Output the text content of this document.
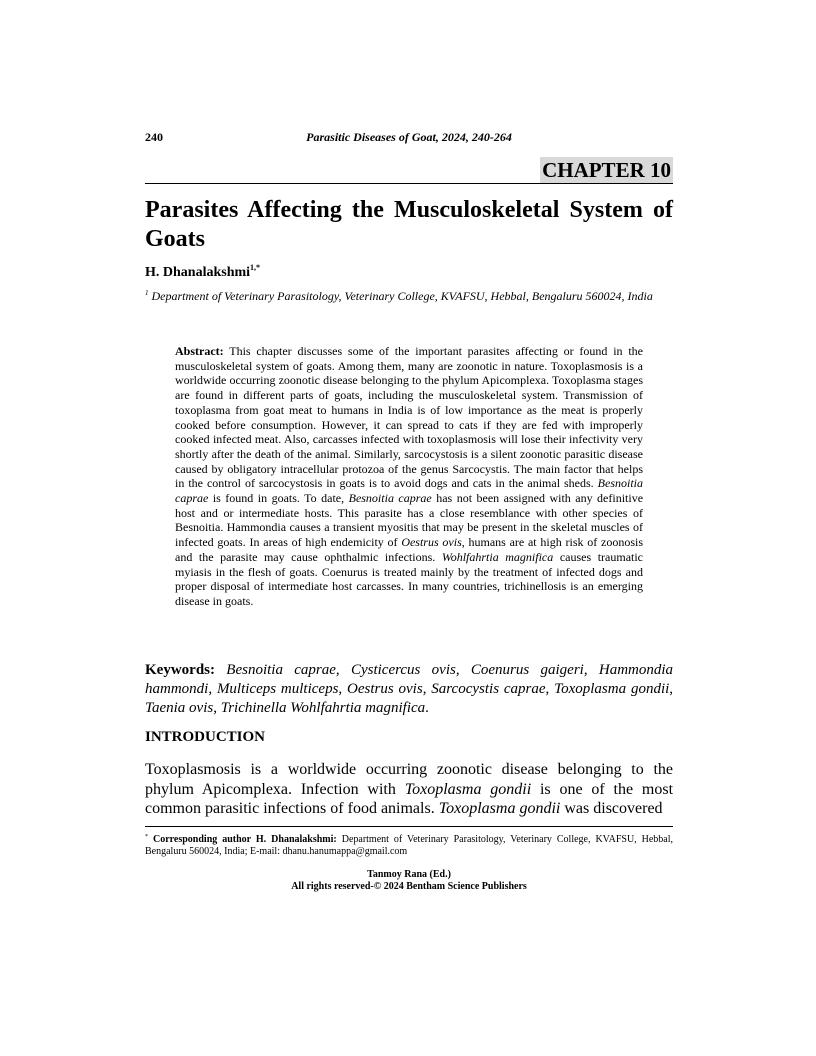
240	Parasitic Diseases of Goat, 2024, 240-264
CHAPTER 10
Parasites Affecting the Musculoskeletal System of Goats
H. Dhanalakshmi$^{1,*}$
$^1$ Department of Veterinary Parasitology, Veterinary College, KVAFSU, Hebbal, Bengaluru 560024, India
Abstract: This chapter discusses some of the important parasites affecting or found in the musculoskeletal system of goats. Among them, many are zoonotic in nature. Toxoplasmosis is a worldwide occurring zoonotic disease belonging to the phylum Apicomplexa. Toxoplasma stages are found in different parts of goats, including the musculoskeletal system. Transmission of toxoplasma from goat meat to humans in India is of low importance as the meat is properly cooked before consumption. However, it can spread to cats if they are fed with improperly cooked infected meat. Also, carcasses infected with toxoplasmosis will lose their infectivity very shortly after the death of the animal. Similarly, sarcocystosis is a silent zoonotic parasitic disease caused by obligatory intracellular protozoa of the genus Sarcocystis. The main factor that helps in the control of sarcocystosis in goats is to avoid dogs and cats in the animal sheds. Besnoitia caprae is found in goats. To date, Besnoitia caprae has not been assigned with any definitive host and or intermediate hosts. This parasite has a close resemblance with other species of Besnoitia. Hammondia causes a transient myositis that may be present in the skeletal muscles of infected goats. In areas of high endemicity of Oestrus ovis, humans are at high risk of zoonosis and the parasite may cause ophthalmic infections. Wohlfahrtia magnifica causes traumatic myiasis in the flesh of goats. Coenurus is treated mainly by the treatment of infected dogs and proper disposal of intermediate host carcasses. In many countries, trichinellosis is an emerging disease in goats.
Keywords: Besnoitia caprae, Cysticercus ovis, Coenurus gaigeri, Hammondia hammondi, Multiceps multiceps, Oestrus ovis, Sarcocystis caprae, Toxoplasma gondii, Taenia ovis, Trichinella Wohlfahrtia magnifica.
INTRODUCTION
Toxoplasmosis is a worldwide occurring zoonotic disease belonging to the phylum Apicomplexa. Infection with Toxoplasma gondii is one of the most common parasitic infections of food animals. Toxoplasma gondii was discovered
* Corresponding author H. Dhanalakshmi: Department of Veterinary Parasitology, Veterinary College, KVAFSU, Hebbal, Bengaluru 560024, India; E-mail: dhanu.hanumappa@gmail.com
Tanmoy Rana (Ed.)
All rights reserved-© 2024 Bentham Science Publishers
